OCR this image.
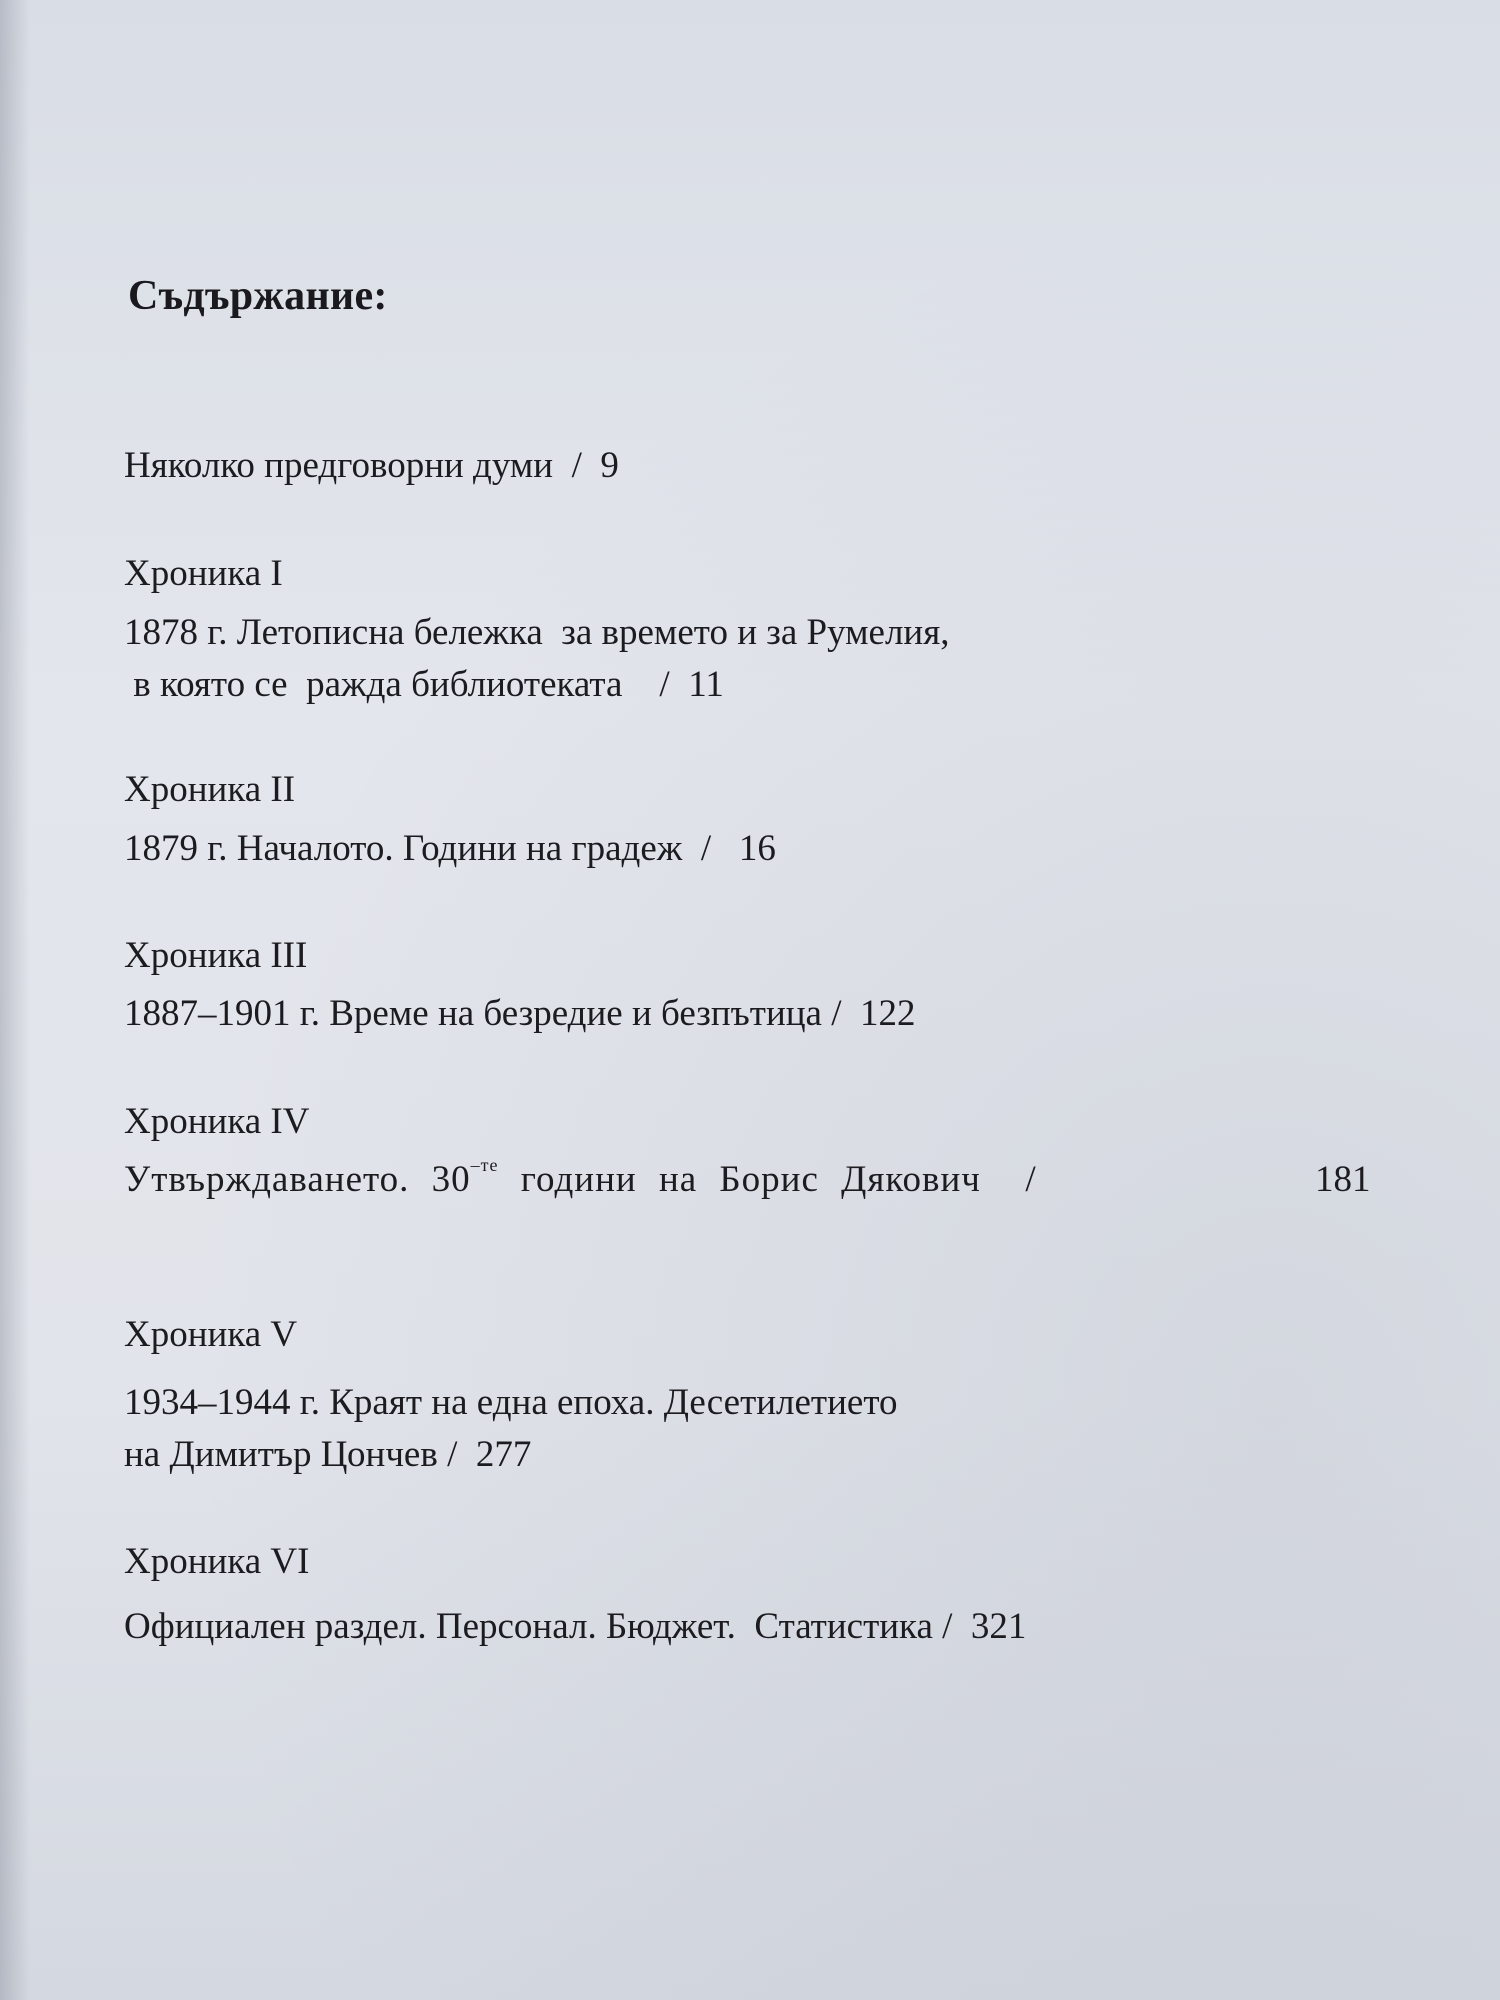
Съдържание:

Няколко предговорни думи  /  9

Хроника I

1878 г. Летописна бележка  за времето и за Румелия,

в която се  ражда библиотеката    /  11

Хроника II

1879 г. Началото. Години на градеж  /   16

Хроника III

1887–1901 г. Време на безредие и безпътица /  122

Хроника IV

Утвърждаването. $30^{-те}$ години на Борис Дякович  /	181

Хроника V

1934–1944 г. Краят на една епоха. Десетилетието

на Димитър Цончев /  277

Хроника VI

Официален раздел. Персонал. Бюджет.  Статистика /  321
